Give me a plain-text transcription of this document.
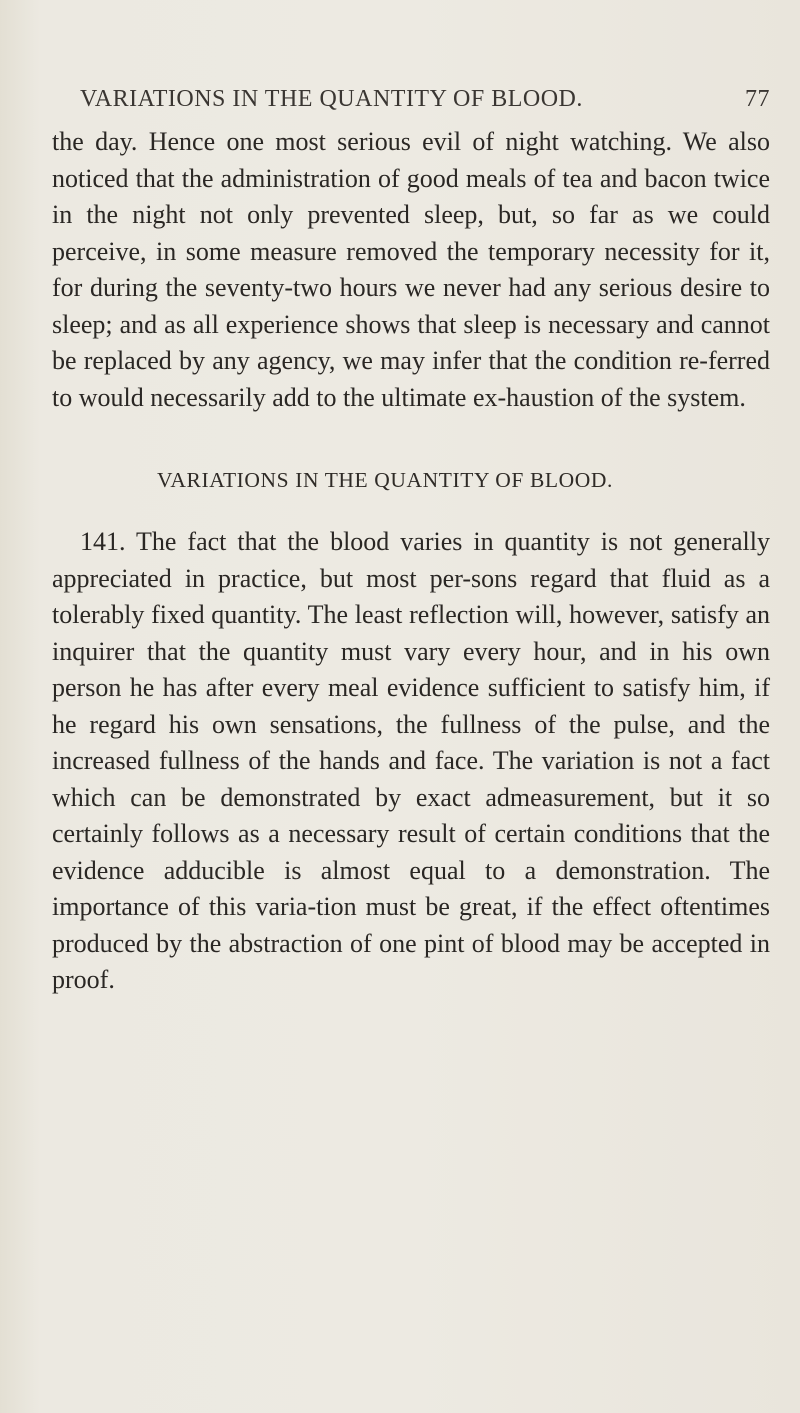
VARIATIONS IN THE QUANTITY OF BLOOD.	77

the day. Hence one most serious evil of night watching. We also noticed that the administration of good meals of tea and bacon twice in the night not only prevented sleep, but, so far as we could perceive, in some measure removed the temporary necessity for it, for during the seventy-two hours we never had any serious desire to sleep; and as all experience shows that sleep is necessary and cannot be replaced by any agency, we may infer that the condition re-ferred to would necessarily add to the ultimate ex-haustion of the system.

VARIATIONS IN THE QUANTITY OF BLOOD.

141. The fact that the blood varies in quantity is not generally appreciated in practice, but most per-sons regard that fluid as a tolerably fixed quantity. The least reflection will, however, satisfy an inquirer that the quantity must vary every hour, and in his own person he has after every meal evidence sufficient to satisfy him, if he regard his own sensations, the fullness of the pulse, and the increased fullness of the hands and face. The variation is not a fact which can be demonstrated by exact admeasurement, but it so certainly follows as a necessary result of certain conditions that the evidence adducible is almost equal to a demonstration. The importance of this varia-tion must be great, if the effect oftentimes produced by the abstraction of one pint of blood may be accepted in proof.
